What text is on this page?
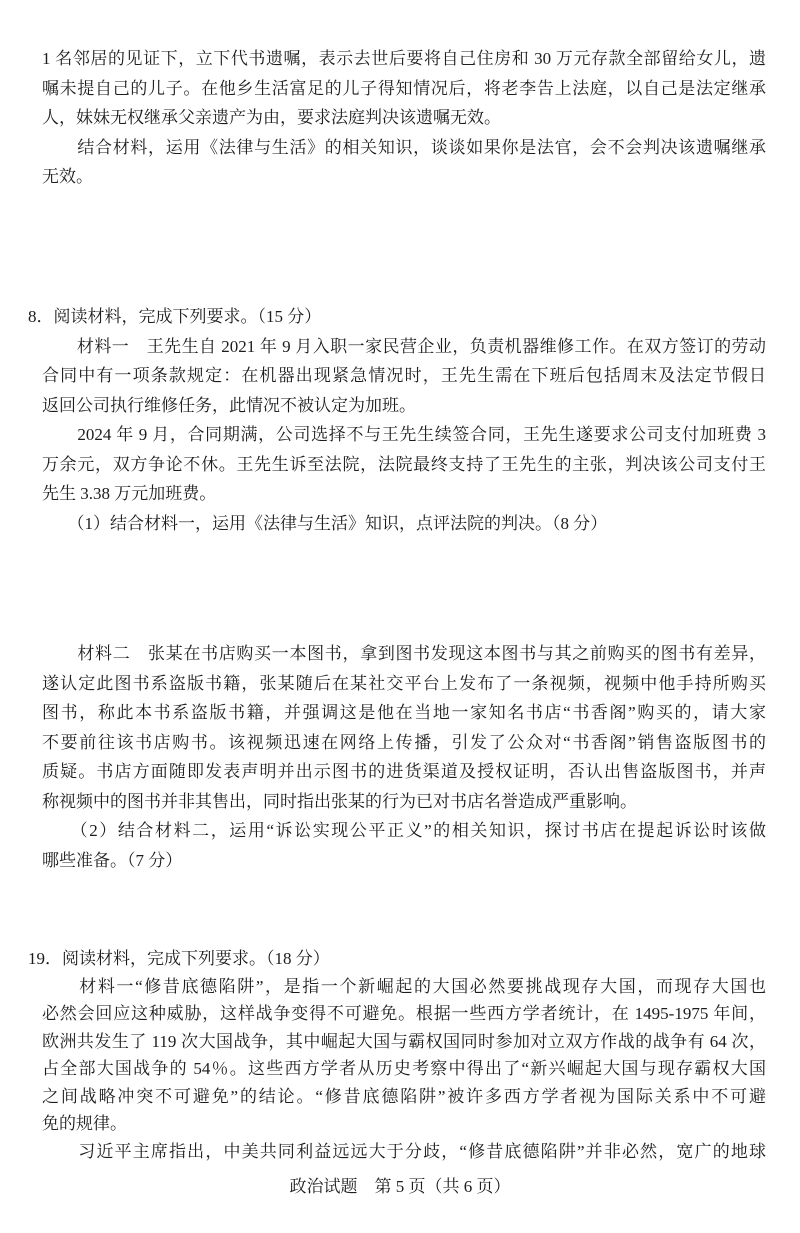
1 名邻居的见证下，立下代书遗嘱，表示去世后要将自己住房和 30 万元存款全部留给女儿，遗
嘱未提自己的儿子。在他乡生活富足的儿子得知情况后，将老李告上法庭，以自己是法定继承
人，妹妹无权继承父亲遗产为由，要求法庭判决该遗嘱无效。
　　结合材料，运用《法律与生活》的相关知识，谈谈如果你是法官，会不会判决该遗嘱继承
无效。
8．阅读材料，完成下列要求。（15 分）
　　材料一　王先生自 2021 年 9 月入职一家民营企业，负责机器维修工作。在双方签订的劳动
合同中有一项条款规定：在机器出现紧急情况时，王先生需在下班后包括周末及法定节假日
返回公司执行维修任务，此情况不被认定为加班。
　　2024 年 9 月，合同期满，公司选择不与王先生续签合同，王先生遂要求公司支付加班费 3
万余元，双方争论不休。王先生诉至法院，法院最终支持了王先生的主张，判决该公司支付王
先生 3.38 万元加班费。
　　（1）结合材料一，运用《法律与生活》知识，点评法院的判决。（8 分）
　　材料二　张某在书店购买一本图书，拿到图书发现这本图书与其之前购买的图书有差异，
遂认定此图书系盗版书籍，张某随后在某社交平台上发布了一条视频，视频中他手持所购买
图书，称此本书系盗版书籍，并强调这是他在当地一家知名书店“书香阁”购买的，请大家
不要前往该书店购书。该视频迅速在网络上传播，引发了公众对“书香阁”销售盗版图书的
质疑。书店方面随即发表声明并出示图书的进货渠道及授权证明，否认出售盗版图书，并声
称视频中的图书并非其售出，同时指出张某的行为已对书店名誉造成严重影响。
　　（2）结合材料二，运用“诉讼实现公平正义”的相关知识，探讨书店在提起诉讼时该做
哪些准备。（7 分）
19．阅读材料，完成下列要求。（18 分）
　　材料一“修昔底德陷阱”，是指一个新崛起的大国必然要挑战现存大国，而现存大国也
必然会回应这种威胁，这样战争变得不可避免。根据一些西方学者统计，在 1495-1975 年间，
欧洲共发生了 119 次大国战争，其中崛起大国与霸权国同时参加对立双方作战的战争有 64 次，
占全部大国战争的 54％。这些西方学者从历史考察中得出了“新兴崛起大国与现存霸权大国
之间战略冲突不可避免”的结论。“修昔底德陷阱”被许多西方学者视为国际关系中不可避
免的规律。
　　习近平主席指出，中美共同利益远远大于分歧，“修昔底德陷阱”并非必然，宽广的地球
政治试题　第 5 页（共 6 页）
